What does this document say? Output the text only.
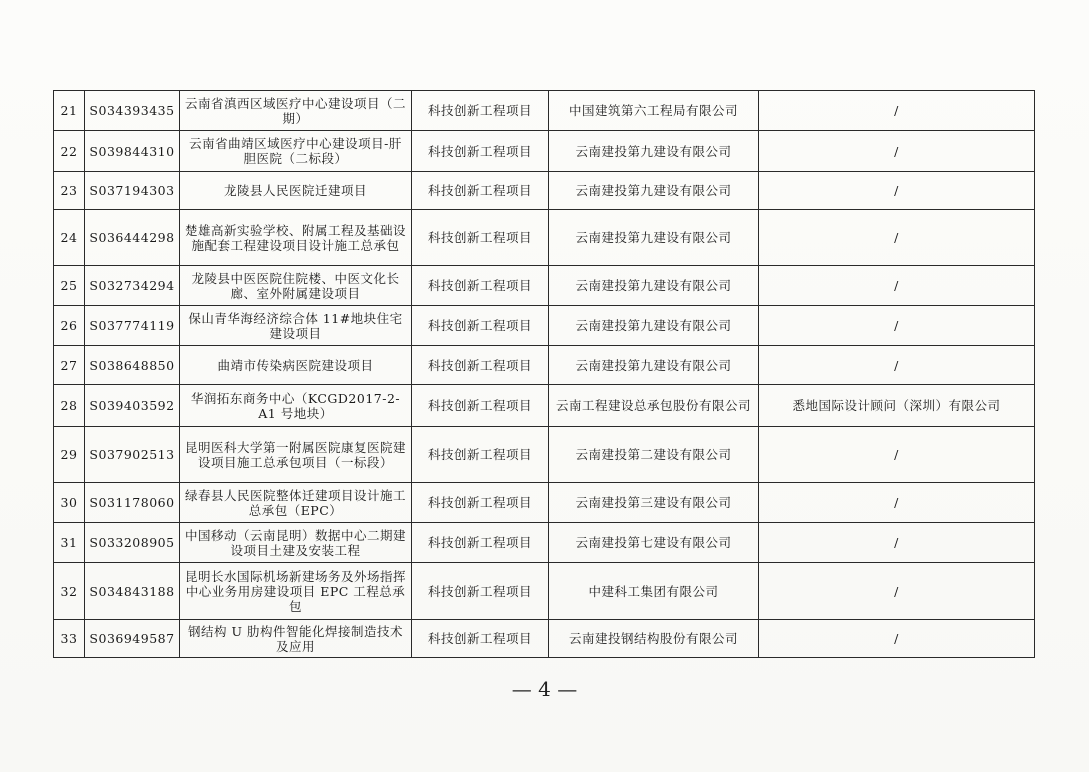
21	S034393435	云南省滇西区域医疗中心建设项目（二期）	科技创新工程项目	中国建筑第六工程局有限公司	/
22	S039844310	云南省曲靖区域医疗中心建设项目-肝胆医院（二标段）	科技创新工程项目	云南建投第九建设有限公司	/
23	S037194303	龙陵县人民医院迁建项目	科技创新工程项目	云南建投第九建设有限公司	/
24	S036444298	楚雄高新实验学校、附属工程及基础设施配套工程建设项目设计施工总承包	科技创新工程项目	云南建投第九建设有限公司	/
25	S032734294	龙陵县中医医院住院楼、中医文化长廊、室外附属建设项目	科技创新工程项目	云南建投第九建设有限公司	/
26	S037774119	保山青华海经济综合体 11#地块住宅建设项目	科技创新工程项目	云南建投第九建设有限公司	/
27	S038648850	曲靖市传染病医院建设项目	科技创新工程项目	云南建投第九建设有限公司	/
28	S039403592	华润拓东商务中心（KCGD2017-2-A1 号地块）	科技创新工程项目	云南工程建设总承包股份有限公司	悉地国际设计顾问（深圳）有限公司
29	S037902513	昆明医科大学第一附属医院康复医院建设项目施工总承包项目（一标段）	科技创新工程项目	云南建投第二建设有限公司	/
30	S031178060	绿春县人民医院整体迁建项目设计施工总承包（EPC）	科技创新工程项目	云南建投第三建设有限公司	/
31	S033208905	中国移动（云南昆明）数据中心二期建设项目土建及安装工程	科技创新工程项目	云南建投第七建设有限公司	/
32	S034843188	昆明长水国际机场新建场务及外场指挥中心业务用房建设项目 EPC 工程总承包	科技创新工程项目	中建科工集团有限公司	/
33	S036949587	钢结构 U 肋构件智能化焊接制造技术及应用	科技创新工程项目	云南建投钢结构股份有限公司	/
— 4 —
